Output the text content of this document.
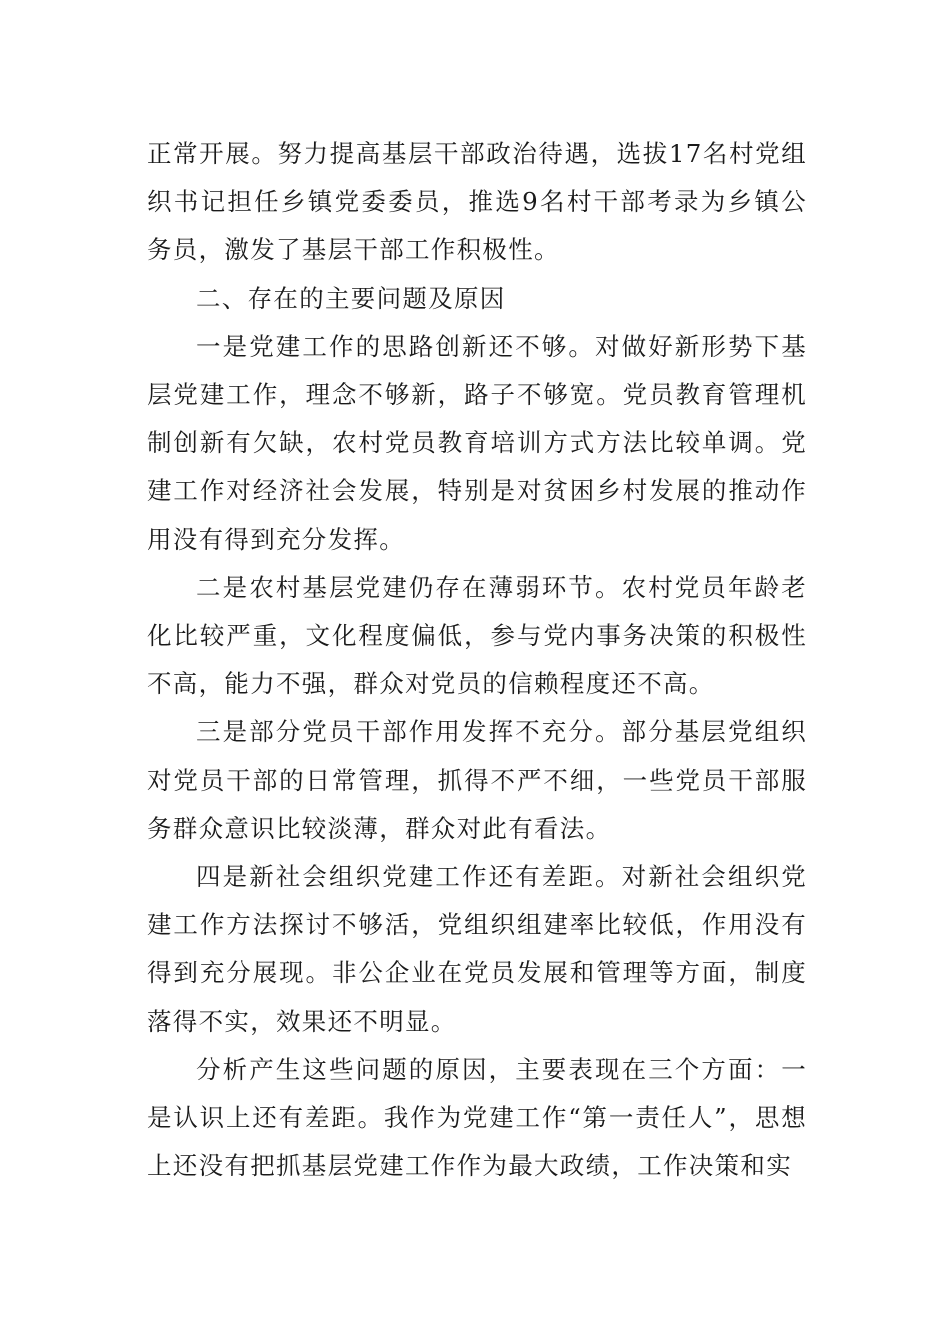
正常开展。努力提高基层干部政治待遇，选拔17名村党组织书记担任乡镇党委委员，推选9名村干部考录为乡镇公务员，激发了基层干部工作积极性。

二、存在的主要问题及原因

一是党建工作的思路创新还不够。对做好新形势下基层党建工作，理念不够新，路子不够宽。党员教育管理机制创新有欠缺，农村党员教育培训方式方法比较单调。党建工作对经济社会发展，特别是对贫困乡村发展的推动作用没有得到充分发挥。

二是农村基层党建仍存在薄弱环节。农村党员年龄老化比较严重，文化程度偏低，参与党内事务决策的积极性不高，能力不强，群众对党员的信赖程度还不高。

三是部分党员干部作用发挥不充分。部分基层党组织对党员干部的日常管理，抓得不严不细，一些党员干部服务群众意识比较淡薄，群众对此有看法。

四是新社会组织党建工作还有差距。对新社会组织党建工作方法探讨不够活，党组织组建率比较低，作用没有得到充分展现。非公企业在党员发展和管理等方面，制度落得不实，效果还不明显。

分析产生这些问题的原因，主要表现在三个方面：一是认识上还有差距。我作为党建工作“第一责任人”，思想上还没有把抓基层党建工作作为最大政绩，工作决策和实
